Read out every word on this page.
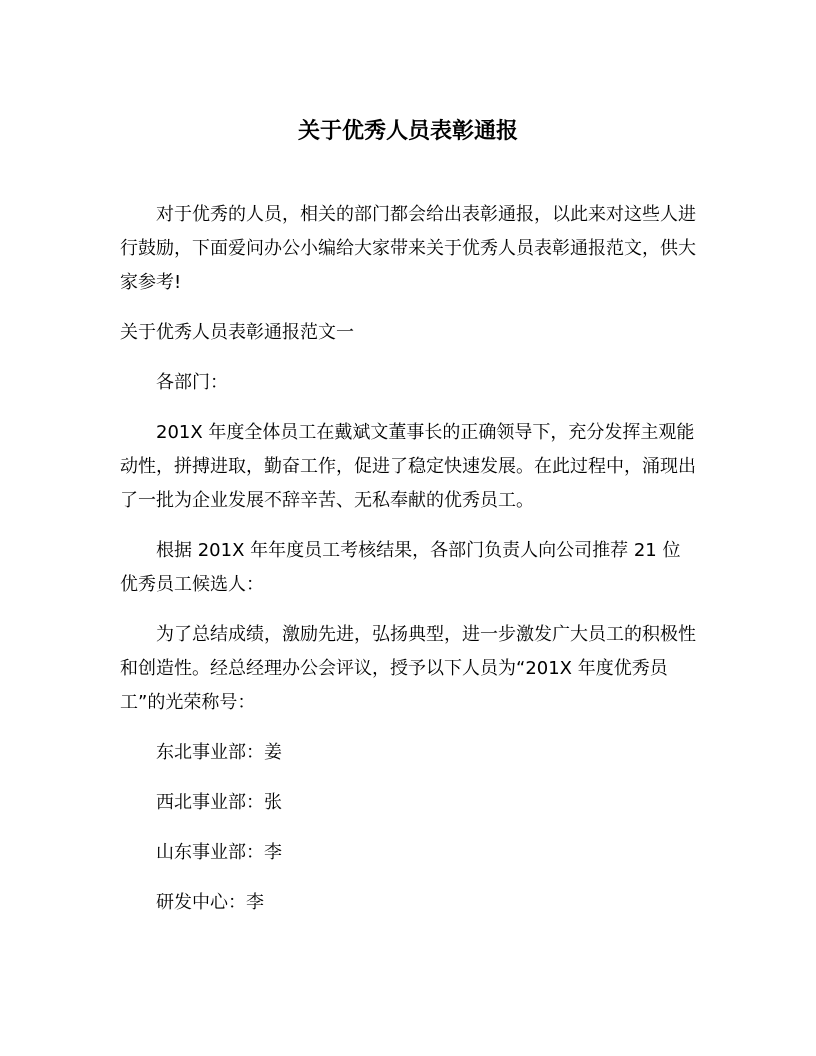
关于优秀人员表彰通报

对于优秀的人员，相关的部门都会给出表彰通报，以此来对这些人进行鼓励，下面爱问办公小编给大家带来关于优秀人员表彰通报范文，供大家参考!

关于优秀人员表彰通报范文一

各部门：

201X 年度全体员工在戴斌文董事长的正确领导下，充分发挥主观能动性，拼搏进取，勤奋工作，促进了稳定快速发展。在此过程中，涌现出了一批为企业发展不辞辛苦、无私奉献的优秀员工。

根据 201X 年年度员工考核结果，各部门负责人向公司推荐 21 位优秀员工候选人：

为了总结成绩，激励先进，弘扬典型，进一步激发广大员工的积极性和创造性。经总经理办公会评议，授予以下人员为“201X 年度优秀员工”的光荣称号：

东北事业部：姜

西北事业部：张

山东事业部：李

研发中心：李
